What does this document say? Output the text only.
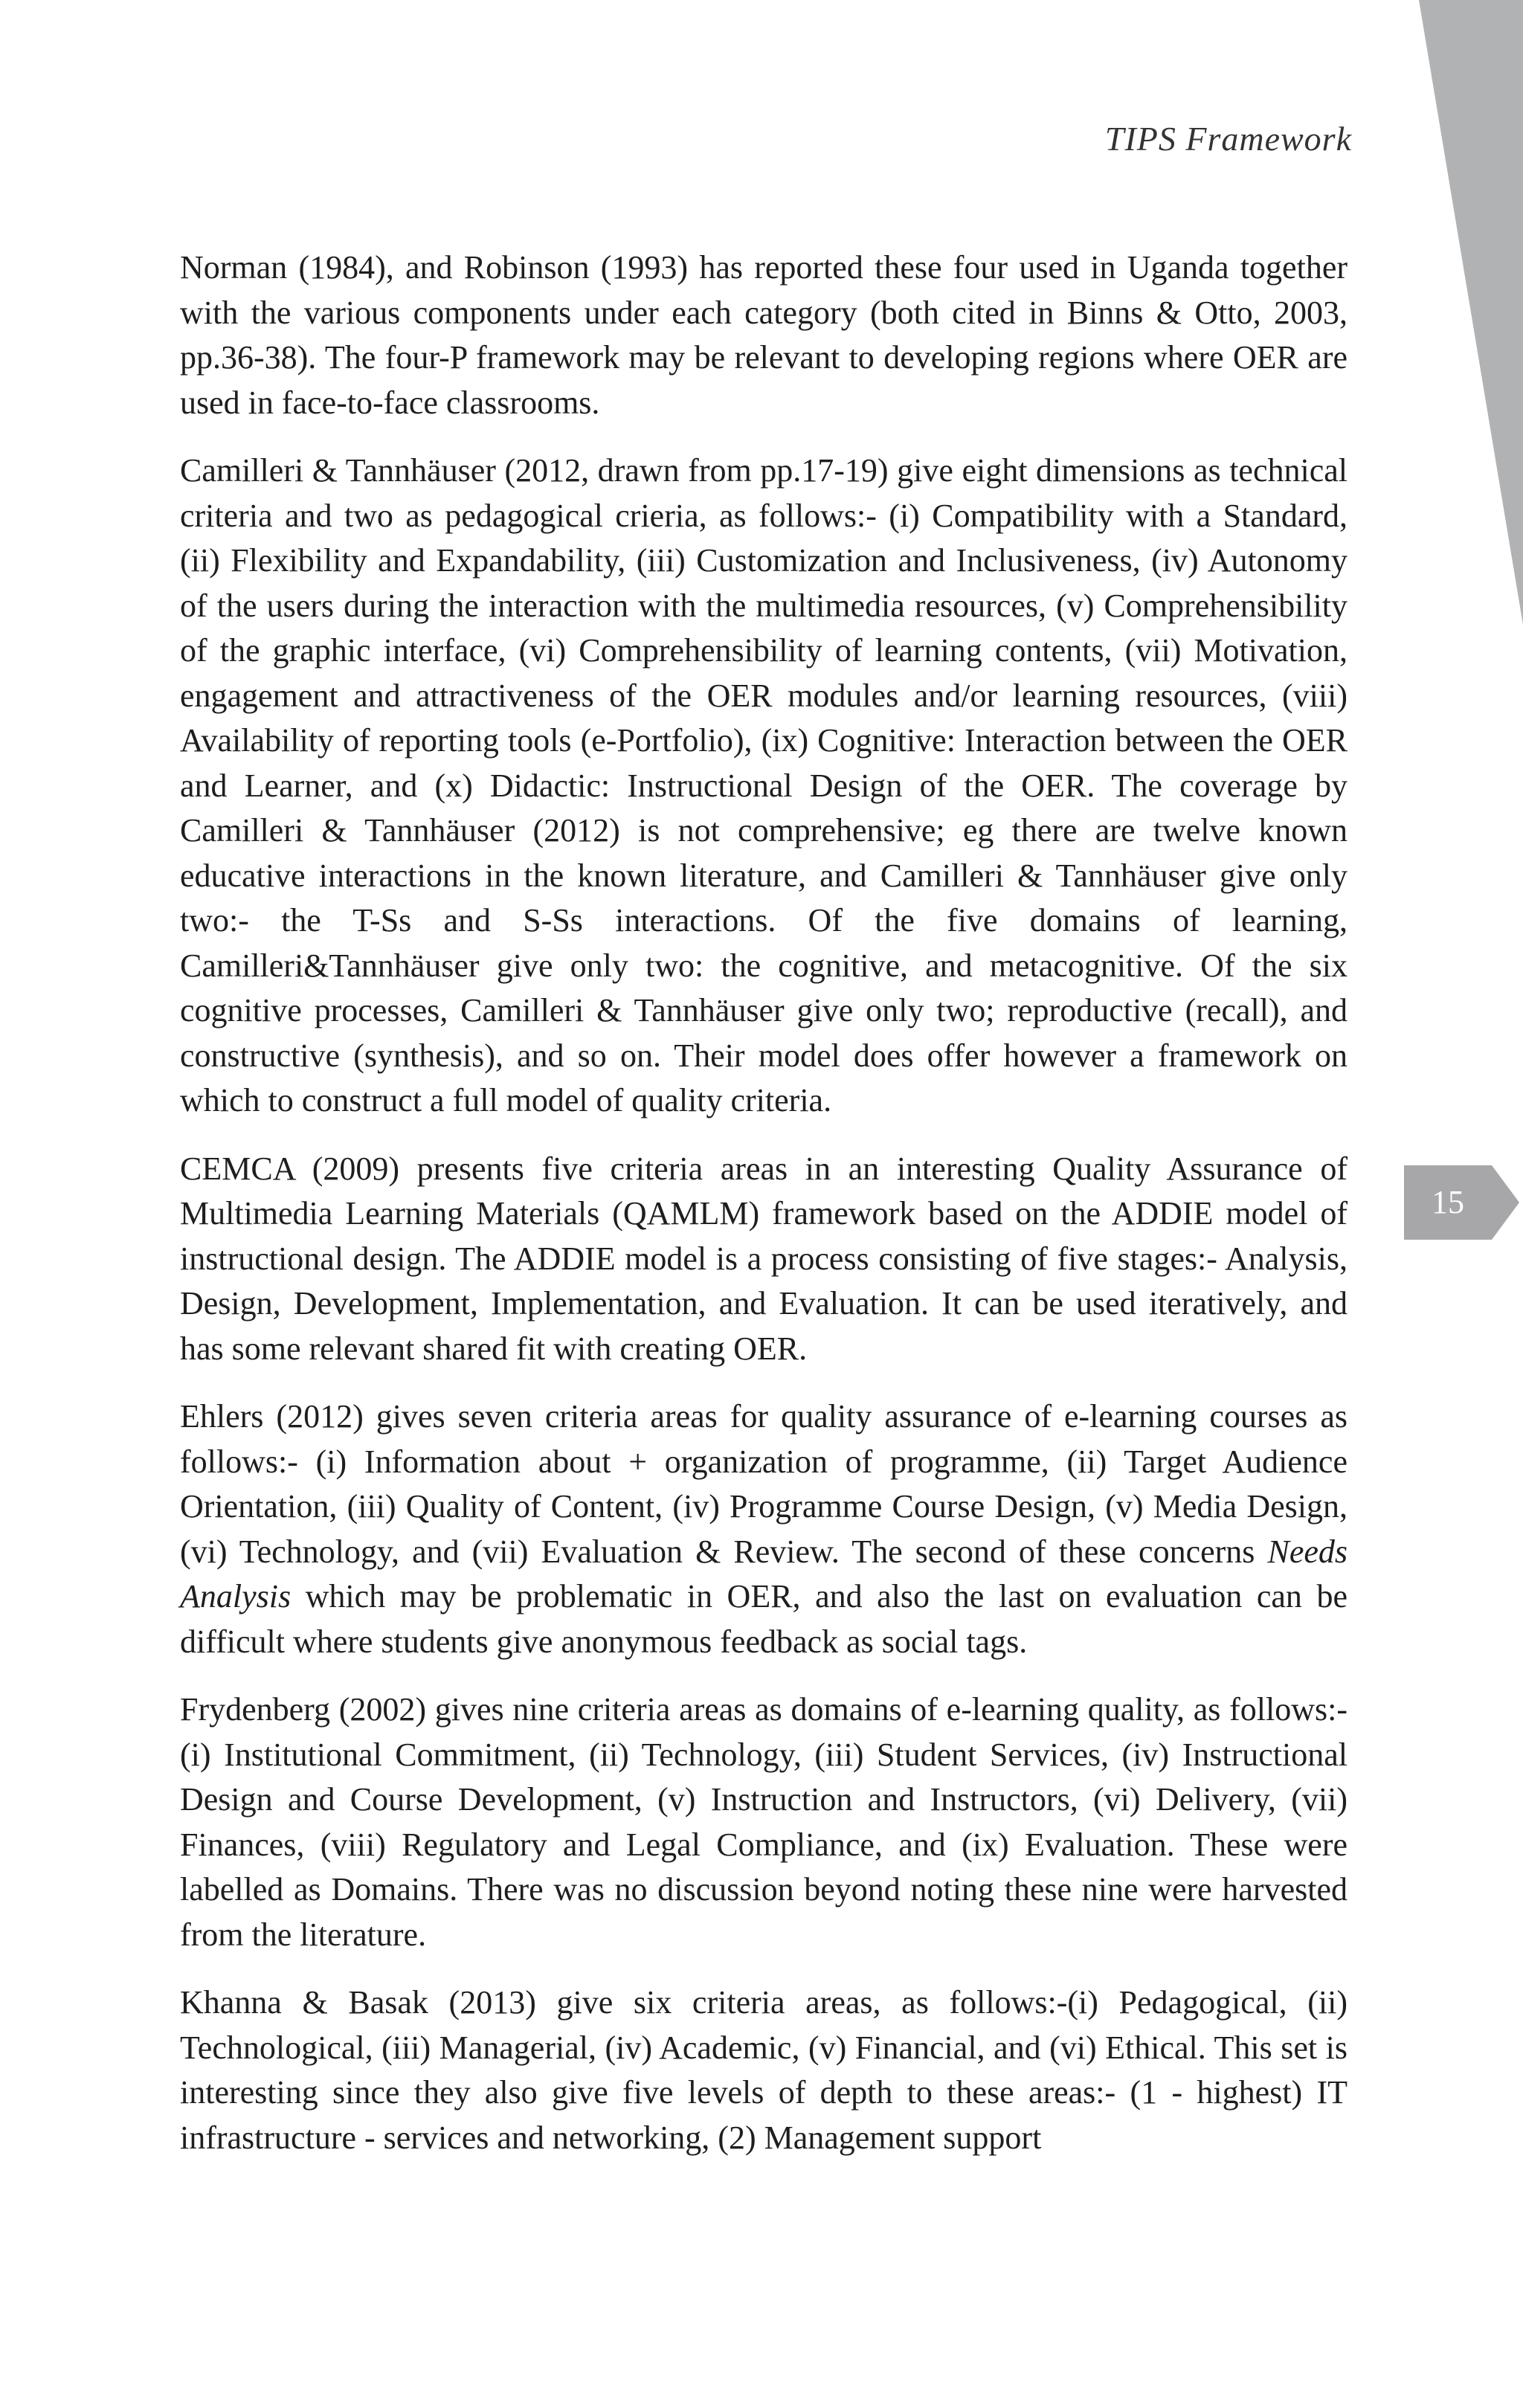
TIPS Framework

Norman (1984), and Robinson (1993) has reported these four used in Uganda together with the various components under each category (both cited in Binns & Otto, 2003, pp.36-38). The four-P framework may be relevant to developing regions where OER are used in face-to-face classrooms.

Camilleri & Tannhäuser (2012, drawn from pp.17-19) give eight dimensions as technical criteria and two as pedagogical crieria, as follows:- (i) Compatibility with a Standard, (ii) Flexibility and Expandability, (iii) Customization and Inclusiveness, (iv) Autonomy of the users during the interaction with the multimedia resources, (v) Comprehensibility of the graphic interface, (vi) Comprehensibility of learning contents, (vii) Motivation, engagement and attractiveness of the OER modules and/or learning resources, (viii) Availability of reporting tools (e-Portfolio), (ix) Cognitive: Interaction between the OER and Learner, and (x) Didactic: Instructional Design of the OER. The coverage by Camilleri & Tannhäuser (2012) is not comprehensive; eg there are twelve known educative interactions in the known literature, and Camilleri & Tannhäuser give only two:- the T-Ss and S-Ss interactions. Of the five domains of learning, Camilleri&Tannhäuser give only two: the cognitive, and metacognitive. Of the six cognitive processes, Camilleri & Tannhäuser give only two; reproductive (recall), and constructive (synthesis), and so on. Their model does offer however a framework on which to construct a full model of quality criteria.

CEMCA (2009) presents five criteria areas in an interesting Quality Assurance of Multimedia Learning Materials (QAMLM) framework based on the ADDIE model of instructional design. The ADDIE model is a process consisting of five stages:- Analysis, Design, Development, Implementation, and Evaluation. It can be used iteratively, and has some relevant shared fit with creating OER.

Ehlers (2012) gives seven criteria areas for quality assurance of e-learning courses as follows:- (i) Information about + organization of programme, (ii) Target Audience Orientation, (iii) Quality of Content, (iv) Programme Course Design, (v) Media Design, (vi) Technology, and (vii) Evaluation & Review. The second of these concerns Needs Analysis which may be problematic in OER, and also the last on evaluation can be difficult where students give anonymous feedback as social tags.

Frydenberg (2002) gives nine criteria areas as domains of e-learning quality, as follows:- (i) Institutional Commitment, (ii) Technology, (iii) Student Services, (iv) Instructional Design and Course Development, (v) Instruction and Instructors, (vi) Delivery, (vii) Finances, (viii) Regulatory and Legal Compliance, and (ix) Evaluation. These were labelled as Domains. There was no discussion beyond noting these nine were harvested from the literature.

Khanna & Basak (2013) give six criteria areas, as follows:-(i) Pedagogical, (ii) Technological, (iii) Managerial, (iv) Academic, (v) Financial, and (vi) Ethical. This set is interesting since they also give five levels of depth to these areas:- (1 - highest) IT infrastructure - services and networking, (2) Management support

15
